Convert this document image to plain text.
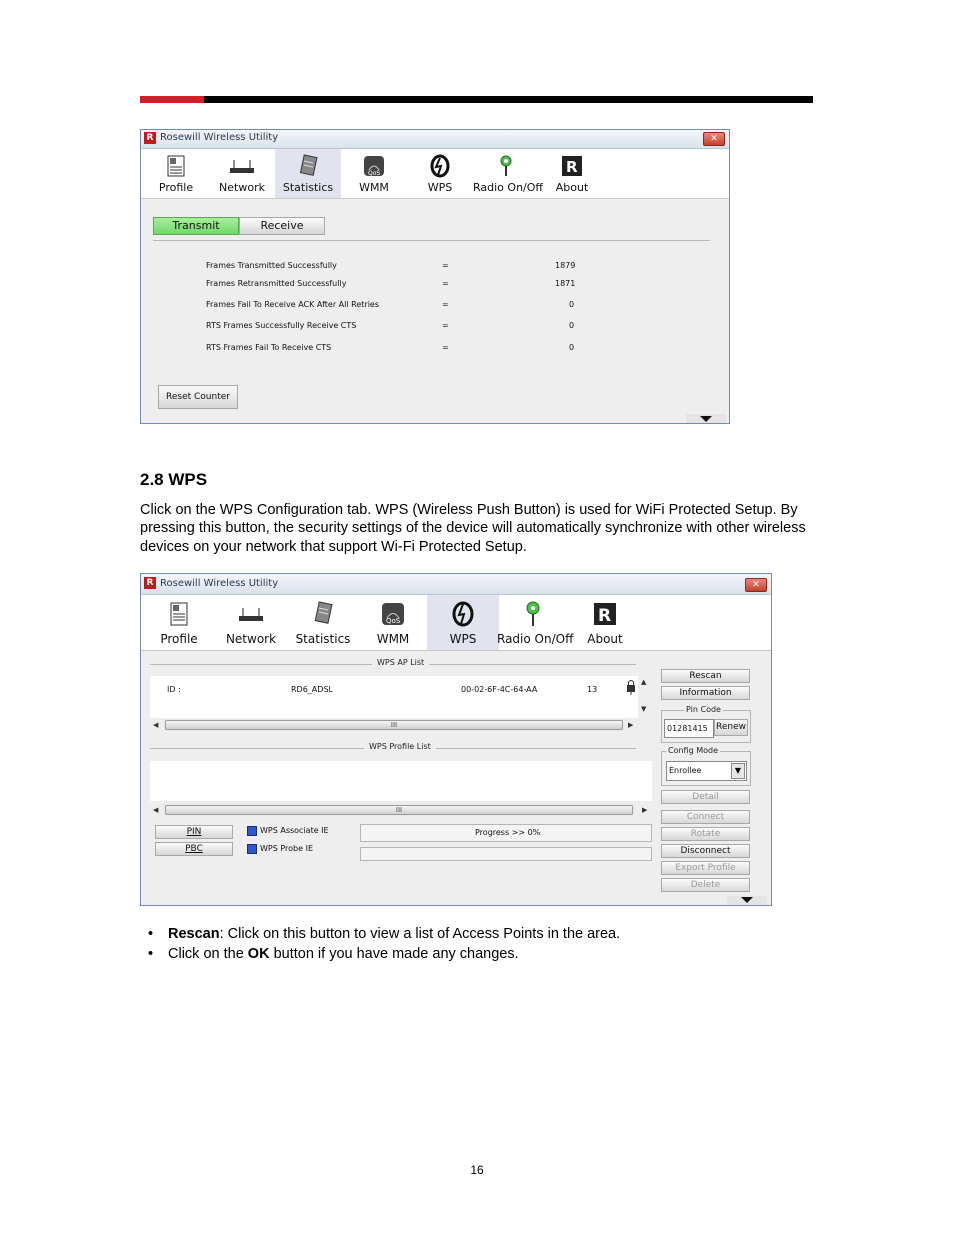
R Rosewill Wireless Utility	✕
Profile	Network	Statistics
QoS
WMM	WPS	Radio On/Off
R
About
Transmit	Receive
Frames Transmitted Successfully	=	1879
Frames Retransmitted Successfully	=	1871
Frames Fail To Receive ACK After All Retries	=	0
RTS Frames Successfully Receive CTS	=	0
RTS Frames Fail To Receive CTS	=	0
Reset Counter
2.8 WPS
Click on the WPS Configuration tab. WPS (Wireless Push Button) is used for WiFi Protected Setup. By pressing this button, the security settings of the device will automatically synchronize with other wireless devices on your network that support Wi-Fi Protected Setup.
R Rosewill Wireless Utility	✕
Profile	Network	Statistics
QoS
WMM	WPS	Radio On/Off
R
About
WPS AP List
ID :	RD6_ADSL	00-02-6F-4C-64-AA	13
▲
▼
◀	III	▶
WPS Profile List
◀	III	▶
PIN
PBC
WPS Associate IE
WPS Probe IE
Progress >> 0%
Rescan
Information
Pin Code
01281415 Renew
Config Mode
Enrollee	▼
Detail
Connect
Rotate
Disconnect
Export Profile
Delete
• Rescan: Click on this button to view a list of Access Points in the area.
• Click on the OK button if you have made any changes.
16
